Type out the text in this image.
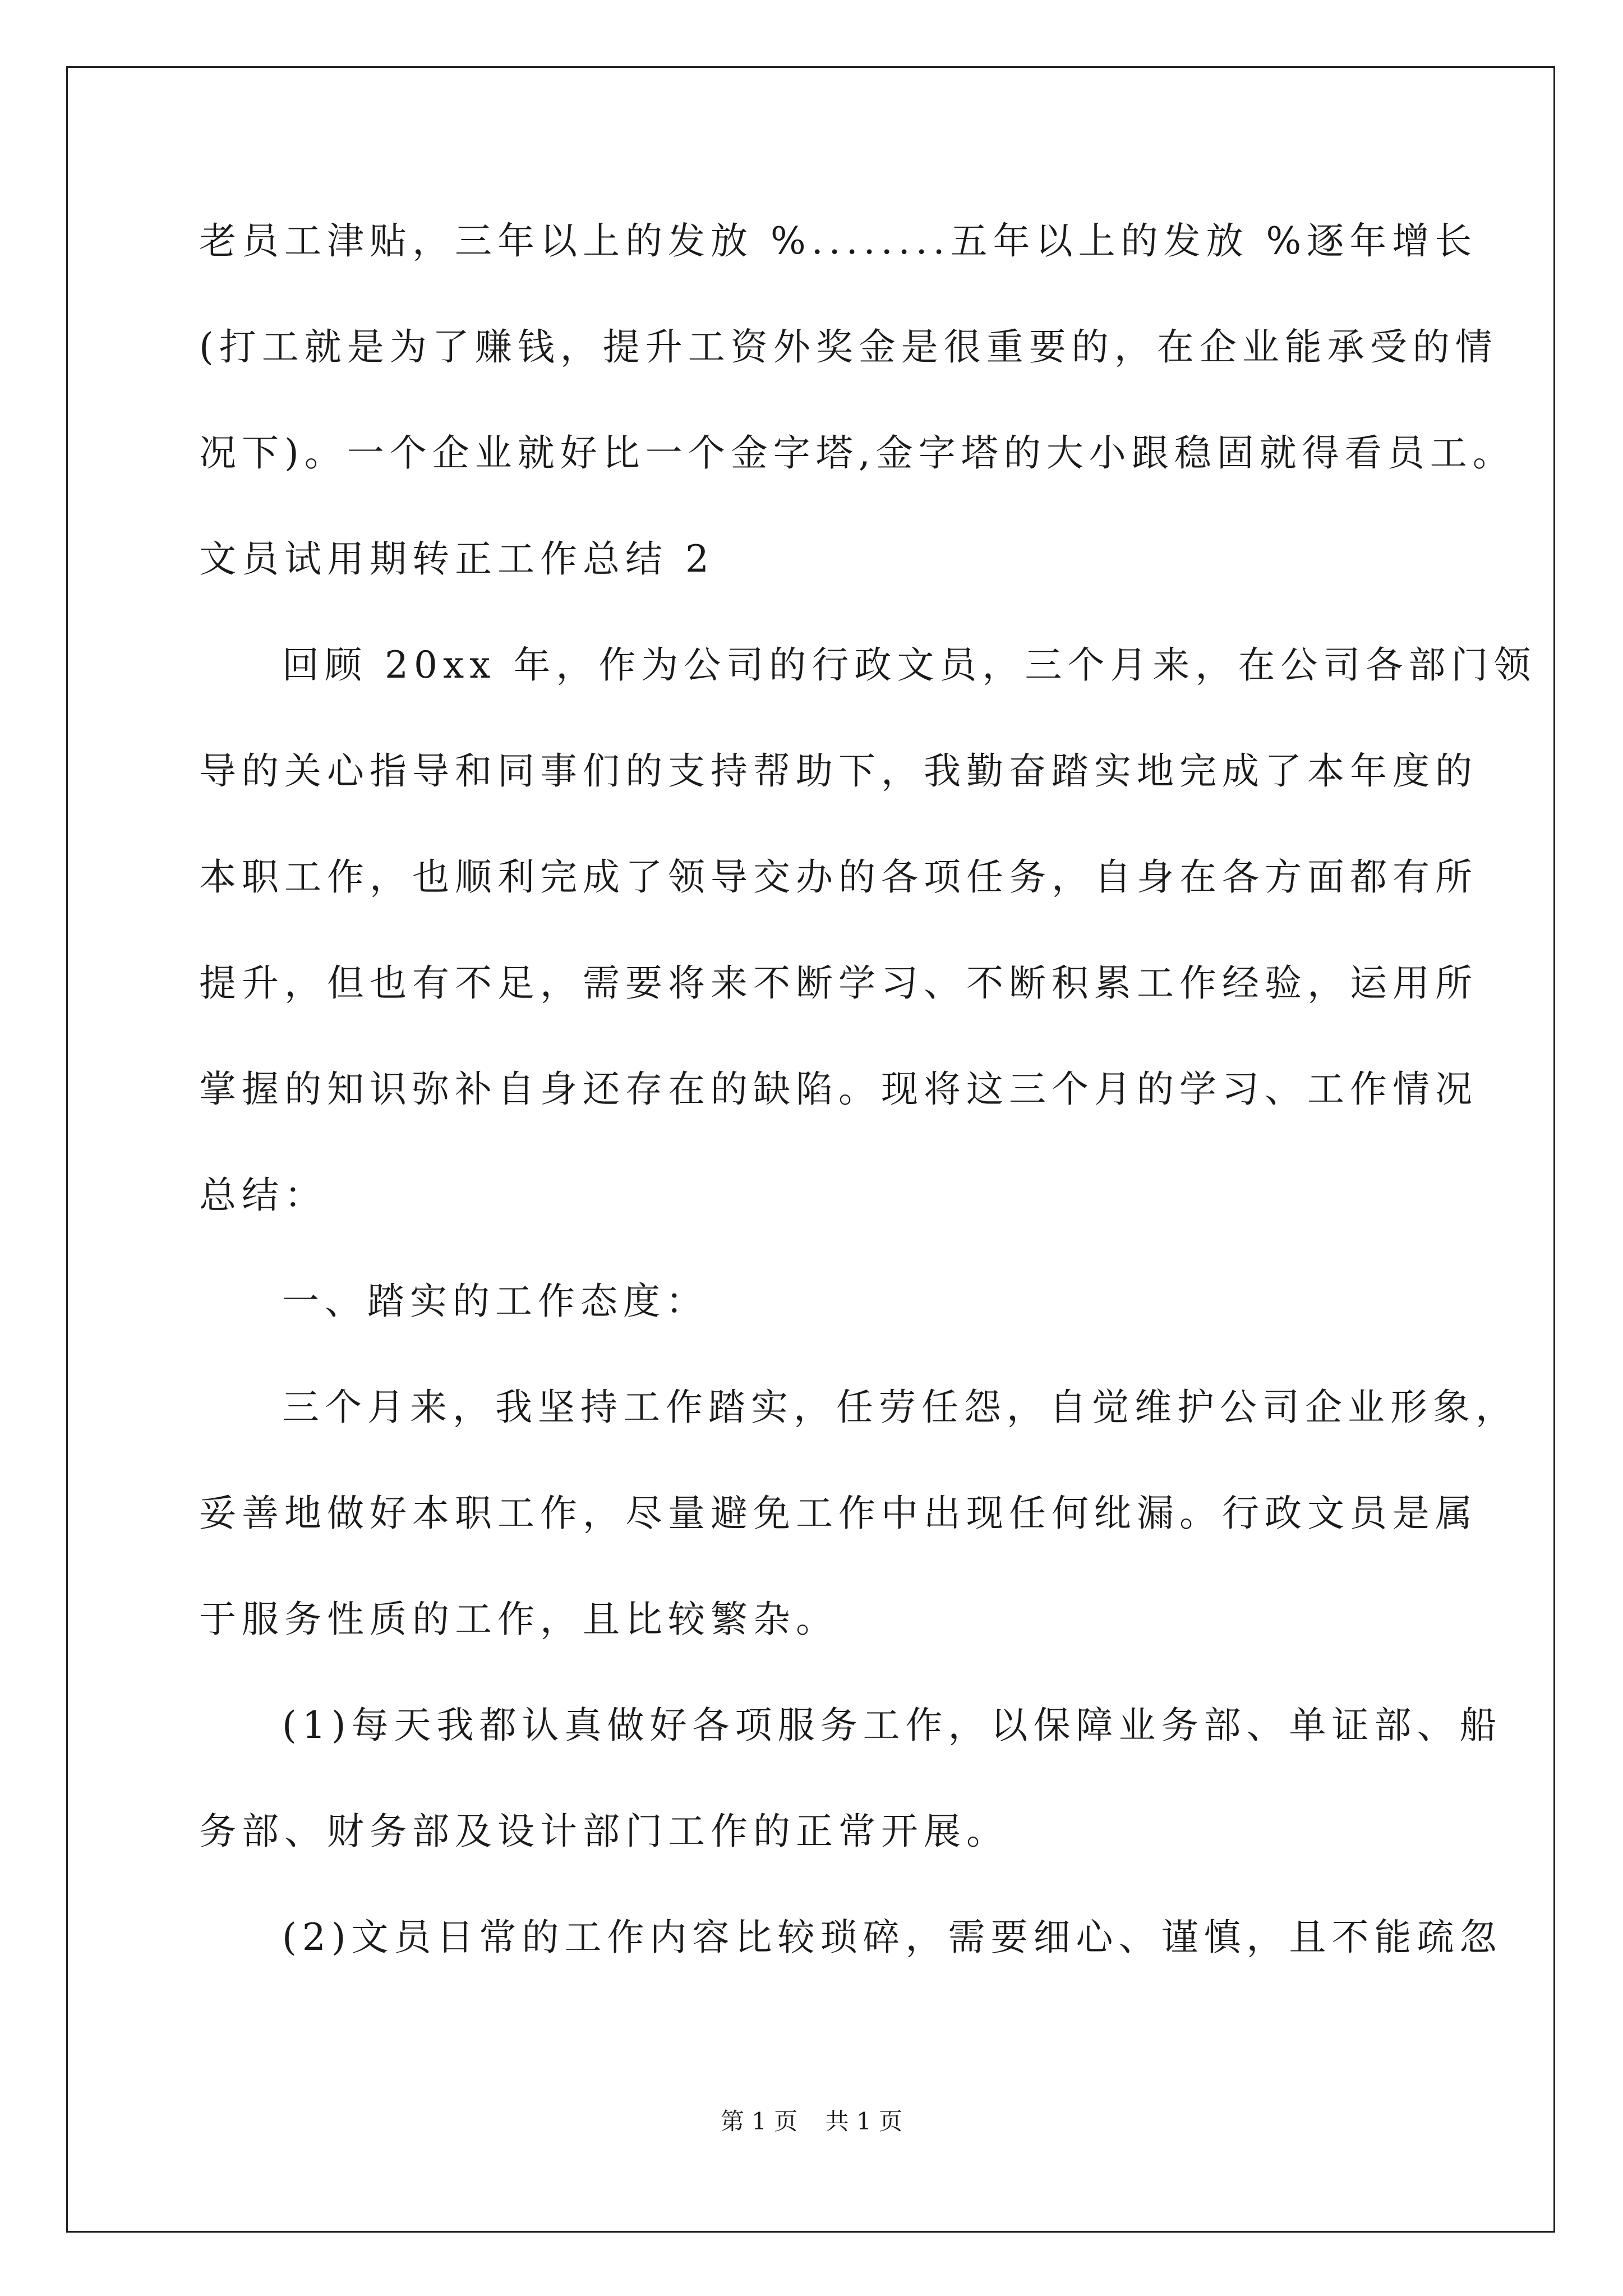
老员工津贴，三年以上的发放 %........五年以上的发放 %逐年增长
(打工就是为了赚钱，提升工资外奖金是很重要的，在企业能承受的情
况下)。一个企业就好比一个金字塔,金字塔的大小跟稳固就得看员工。
文员试用期转正工作总结 2
回顾 20xx 年，作为公司的行政文员，三个月来，在公司各部门领
导的关心指导和同事们的支持帮助下，我勤奋踏实地完成了本年度的
本职工作，也顺利完成了领导交办的各项任务，自身在各方面都有所
提升，但也有不足，需要将来不断学习、不断积累工作经验，运用所
掌握的知识弥补自身还存在的缺陷。现将这三个月的学习、工作情况
总结：
一、踏实的工作态度：
三个月来，我坚持工作踏实，任劳任怨，自觉维护公司企业形象，
妥善地做好本职工作，尽量避免工作中出现任何纰漏。行政文员是属
于服务性质的工作，且比较繁杂。
(1)每天我都认真做好各项服务工作，以保障业务部、单证部、船
务部、财务部及设计部门工作的正常开展。
(2)文员日常的工作内容比较琐碎，需要细心、谨慎，且不能疏忽
第 1 页 共 1 页
